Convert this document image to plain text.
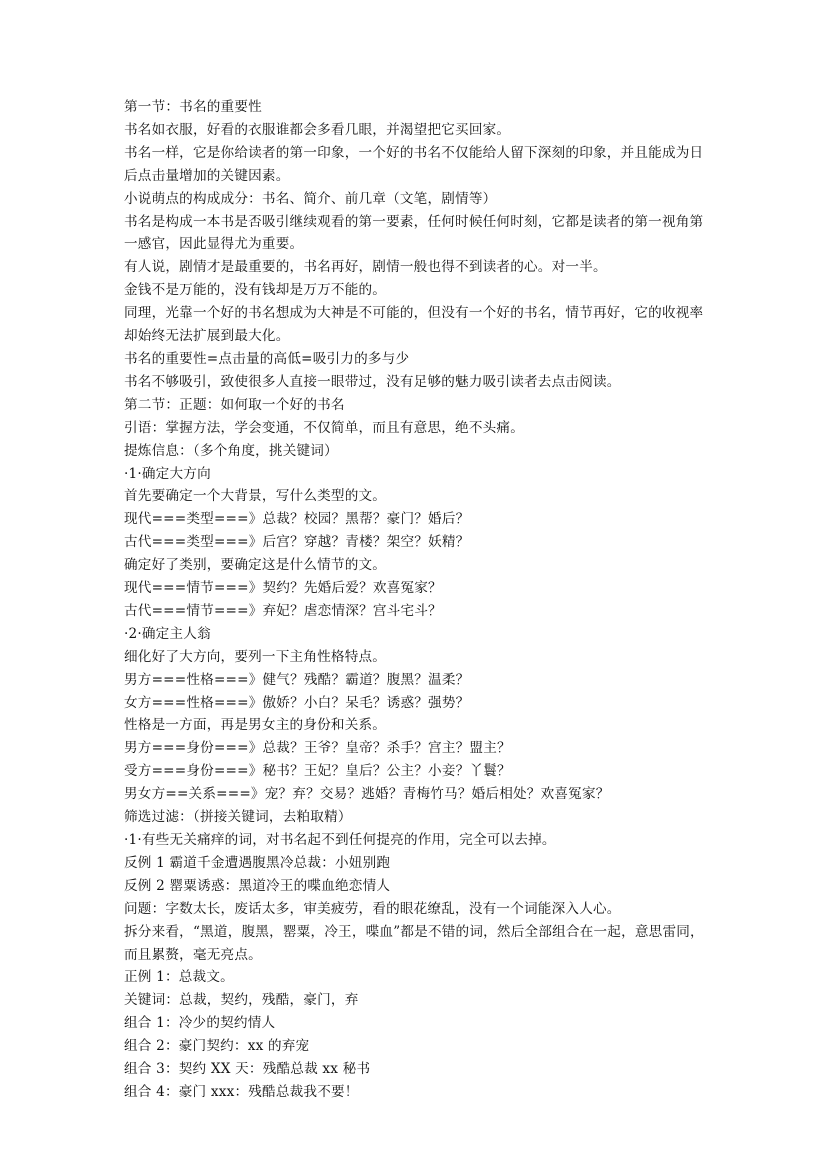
第一节：书名的重要性
书名如衣服，好看的衣服谁都会多看几眼，并渴望把它买回家。
书名一样，它是你给读者的第一印象，一个好的书名不仅能给人留下深刻的印象，并且能成为日后点击量增加的关键因素。
小说萌点的构成成分：书名、简介、前几章（文笔，剧情等）
书名是构成一本书是否吸引继续观看的第一要素，任何时候任何时刻，它都是读者的第一视角第一感官，因此显得尤为重要。
有人说，剧情才是最重要的，书名再好，剧情一般也得不到读者的心。对一半。
金钱不是万能的，没有钱却是万万不能的。
同理，光靠一个好的书名想成为大神是不可能的，但没有一个好的书名，情节再好，它的收视率却始终无法扩展到最大化。
书名的重要性=点击量的高低=吸引力的多与少
书名不够吸引，致使很多人直接一眼带过，没有足够的魅力吸引读者去点击阅读。
第二节：正题：如何取一个好的书名
引语：掌握方法，学会变通，不仅简单，而且有意思，绝不头痛。
提炼信息：（多个角度，挑关键词）
·1·确定大方向
首先要确定一个大背景，写什么类型的文。
现代===类型===》总裁？校园？黑帮？豪门？婚后？
古代===类型===》后宫？穿越？青楼？架空？妖精？
确定好了类别，要确定这是什么情节的文。
现代===情节===》契约？先婚后爱？欢喜冤家？
古代===情节===》弃妃？虐恋情深？宫斗宅斗？
·2·确定主人翁
细化好了大方向，要列一下主角性格特点。
男方===性格===》健气？残酷？霸道？腹黑？温柔？
女方===性格===》傲娇？小白？呆毛？诱惑？强势？
性格是一方面，再是男女主的身份和关系。
男方===身份===》总裁？王爷？皇帝？杀手？宫主？盟主？
受方===身份===》秘书？王妃？皇后？公主？小妾？丫鬟？
男女方==关系===》宠？弃？交易？逃婚？青梅竹马？婚后相处？欢喜冤家？
筛选过滤：（拼接关键词，去粕取精）
·1·有些无关痛痒的词，对书名起不到任何提亮的作用，完全可以去掉。
反例 1 霸道千金遭遇腹黑冷总裁：小妞别跑
反例 2 罂粟诱惑：黑道冷王的喋血绝恋情人
问题：字数太长，废话太多，审美疲劳，看的眼花缭乱，没有一个词能深入人心。
拆分来看，“黑道，腹黑，罂粟，冷王，喋血”都是不错的词，然后全部组合在一起，意思雷同，而且累赘，毫无亮点。
正例 1：总裁文。
关键词：总裁，契约，残酷，豪门，弃
组合 1：冷少的契约情人
组合 2：豪门契约：xx 的弃宠
组合 3：契约 XX 天：残酷总裁 xx 秘书
组合 4：豪门 xxx：残酷总裁我不要！
